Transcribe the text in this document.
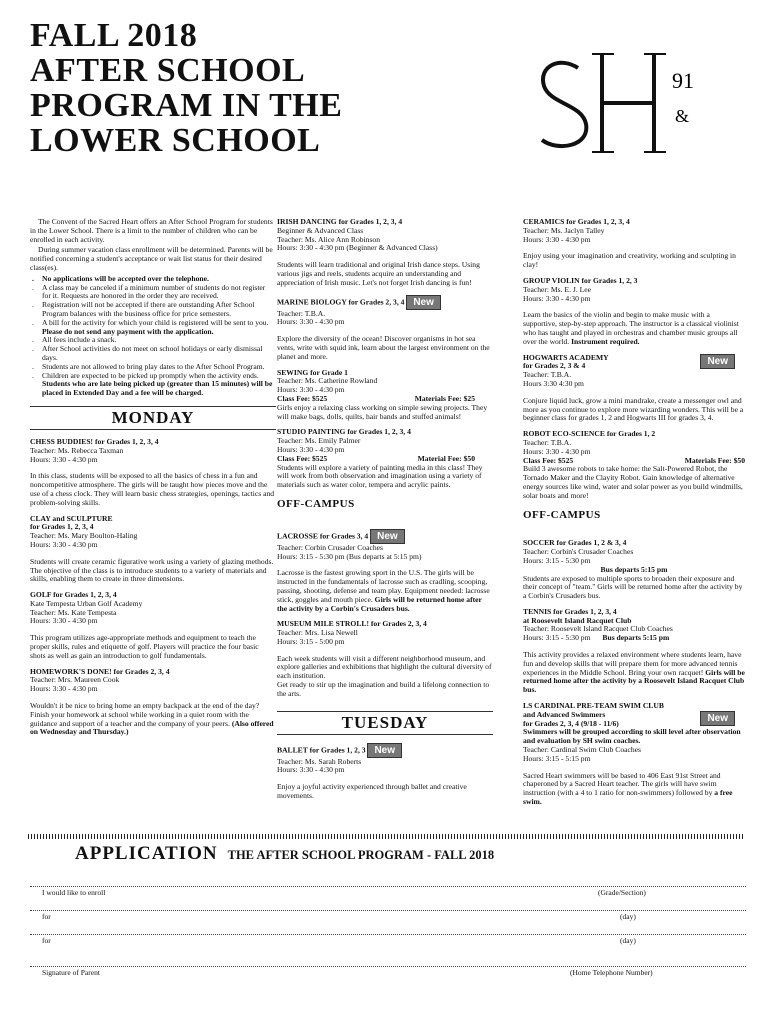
FALL 2018
AFTER SCHOOL
PROGRAM IN THE
LOWER SCHOOL
91
&

The Convent of the Sacred Heart offers an After School Program for students in the Lower School. There is a limit to the number of children who can be enrolled in each activity.

During summer vacation class enrollment will be determined. Parents will be notified concerning a student's acceptance or wait list status for their desired class(es).

. No applications will be accepted over the telephone.
. A class may be canceled if a minimum number of students do not register for it. Requests are honored in the order they are received.
. Registration will not be accepted if there are outstanding After School Program balances with the business office for price semesters.
. A bill for the activity for which your child is registered will be sent to you. Please do not send any payment with the application.
. All fees include a snack.
. After School activities do not meet on school holidays or early dismissal days.
. Students are not allowed to bring play dates to the After School Program.
. Children are expected to be picked up promptly when the activity ends. Students who are late being picked up (greater than 15 minutes) will be placed in Extended Day and a fee will be charged.
MONDAY
CHESS BUDDIES! for Grades 1, 2, 3, 4
Teacher: Ms. Rebecca Taxman
Hours: 3:30 - 4:30 pm
In this class, students will be exposed to all the basics of chess in a fun and noncompetitive atmosphere. The girls will be taught how pieces move and the use of a chess clock. They will learn basic chess strategies, openings, tactics and problem-solving skills.
CLAY and SCULPTURE
for Grades 1, 2, 3, 4
Teacher: Ms. Mary Boulton-Haling
Hours: 3:30 - 4:30 pm
Students will create ceramic figurative work using a variety of glazing methods. The objective of the class is to introduce students to a variety of materials and skills, enabling them to create in three dimensions.
GOLF for Grades 1, 2, 3, 4
Kate Tempesta Urban Golf Academy
Teacher: Ms. Kate Tempesta
Hours: 3:30 - 4:30 pm
This program utilizes age-appropriate methods and equipment to teach the proper skills, rules and etiquette of golf. Players will practice the four basic shots as well as gain an introduction to golf fundamentals.
HOMEWORK'S DONE! for Grades 2, 3, 4
Teacher: Mrs. Maureen Cook
Hours: 3:30 - 4:30 pm
Wouldn't it be nice to bring home an empty backpack at the end of the day? Finish your homework at school while working in a quiet room with the guidance and support of a teacher and the company of your peers. (Also offered on Wednesday and Thursday.)
IRISH DANCING for Grades 1, 2, 3, 4
Beginner & Advanced Class
Teacher: Ms. Alice Ann Robinson
Hours: 3:30 - 4:30 pm (Beginner & Advanced Class)
Students will learn traditional and original Irish dance steps. Using various jigs and reels, students acquire an understanding and appreciation of Irish music. Let's not forget Irish dancing is fun!
MARINE BIOLOGY for Grades 2, 3, 4 New
Teacher: T.B.A.
Hours: 3:30 - 4:30 pm
Explore the diversity of the ocean! Discover organisms in hot sea vents, write with squid ink, learn about the largest environment on the planet and more.
SEWING for Grade 1
Teacher: Ms. Catherine Rowland
Hours: 3:30 - 4:30 pm
Class Fee: $525	Materials Fee: $25
Girls enjoy a relaxing class working on simple sewing projects. They will make bags, dolls, quilts, hair bands and stuffed animals!
STUDIO PAINTING for Grades 1, 2, 3, 4
Teacher: Ms. Emily Palmer
Hours: 3:30 - 4:30 pm
Class Fee: $525	Material Fee: $50
Students will explore a variety of painting media in this class! They will work from both observation and imagination using a variety of materials such as water color, tempera and acrylic paints.
OFF-CAMPUS
LACROSSE for Grades 3, 4 New
Teacher: Corbin Crusader Coaches
Hours: 3:15 - 5:30 pm (Bus departs at 5:15 pm)
Lacrosse is the fastest growing sport in the U.S. The girls will be instructed in the fundamentals of lacrosse such as cradling, scooping, passing, shooting, defense and team play. Equipment needed: lacrosse stick, goggles and mouth piece. Girls will be returned home after the activity by a Corbin's Crusaders bus.
MUSEUM MILE STROLL! for Grades 2, 3, 4
Teacher: Mrs. Lisa Newell
Hours: 3:15 - 5:00 pm
Each week students will visit a different neighborhood museum, and explore galleries and exhibitions that highlight the cultural diversity of each institution.
Get ready to stir up the imagination and build a lifelong connection to the arts.
TUESDAY
BALLET for Grades 1, 2, 3 New
Teacher: Ms. Sarah Roberts
Hours: 3:30 - 4:30 pm
Enjoy a joyful activity experienced through ballet and creative movements.
CERAMICS for Grades 1, 2, 3, 4
Teacher: Ms. Jaclyn Talley
Hours: 3:30 - 4:30 pm
Enjoy using your imagination and creativity, working and sculpting in clay!
GROUP VIOLIN for Grades 1, 2, 3
Teacher: Ms. E. J. Lee
Hours: 3:30 - 4:30 pm
Learn the basics of the violin and begin to make music with a supportive, step-by-step approach. The instructor is a classical violinist who has taught and played in orchestras and chamber music groups all over the world. Instrument required.
HOGWARTS ACADEMY	New
for Grades 2, 3 & 4
Teacher: T.B.A.
Hours 3:30 4:30 pm
Conjure liquid luck, grow a mini mandrake, create a messenger owl and more as you continue to explore more wizarding wonders. This will be a beginner class for grades 1, 2 and Hogwarts III for grades 3, 4.
ROBOT ECO-SCIENCE for Grades 1, 2
Teacher: T.B.A.
Hours: 3:30 - 4:30 pm
Class Fee: $525	Materials Fee: $50
Build 3 awesome robots to take home: the Salt-Powered Robot, the Tornado Maker and the Clayity Robot. Gain knowledge of alternative energy sources like wind, water and solar power as you build windmills, solar boats and more!
OFF-CAMPUS
SOCCER for Grades 1, 2 & 3, 4
Teacher: Corbin's Crusader Coaches
Hours: 3:15 - 5:30 pm
Bus departs 5:15 pm
Students are exposed to multiple sports to broaden their exposure and their concept of "team." Girls will be returned home after the activity by a Corbin's Crusaders bus.
TENNIS for Grades 1, 2, 3, 4
at Roosevelt Island Racquet Club
Teacher: Roosevelt Island Racquet Club Coaches
Hours: 3:15 - 5:30 pm Bus departs 5:15 pm
This activity provides a relaxed environment where students learn, have fun and develop skills that will prepare them for more advanced tennis experiences in the Middle School. Bring your own racquet! Girls will be returned home after the activity by a Roosevelt Island Racquet Club bus.
LS CARDINAL PRE-TEAM SWIM CLUB
and Advanced Swimmers	New
for Grades 2, 3, 4 (9/18 - 11/6)
Swimmers will be grouped according to skill level after observation and evaluation by SH swim coaches.
Teacher: Cardinal Swim Club Coaches
Hours: 3:15 - 5:15 pm
Sacred Heart swimmers will be based to 406 East 91st Street and chaperoned by a Sacred Heart teacher. The girls will have swim instruction (with a 4 to 1 ratio for non-swimmers) followed by a free swim.
APPLICATION THE AFTER SCHOOL PROGRAM - FALL 2018
I would like to enroll	(Grade/Section)
for	(day)
for	(day)
Signature of Parent	(Home Telephone Number)
